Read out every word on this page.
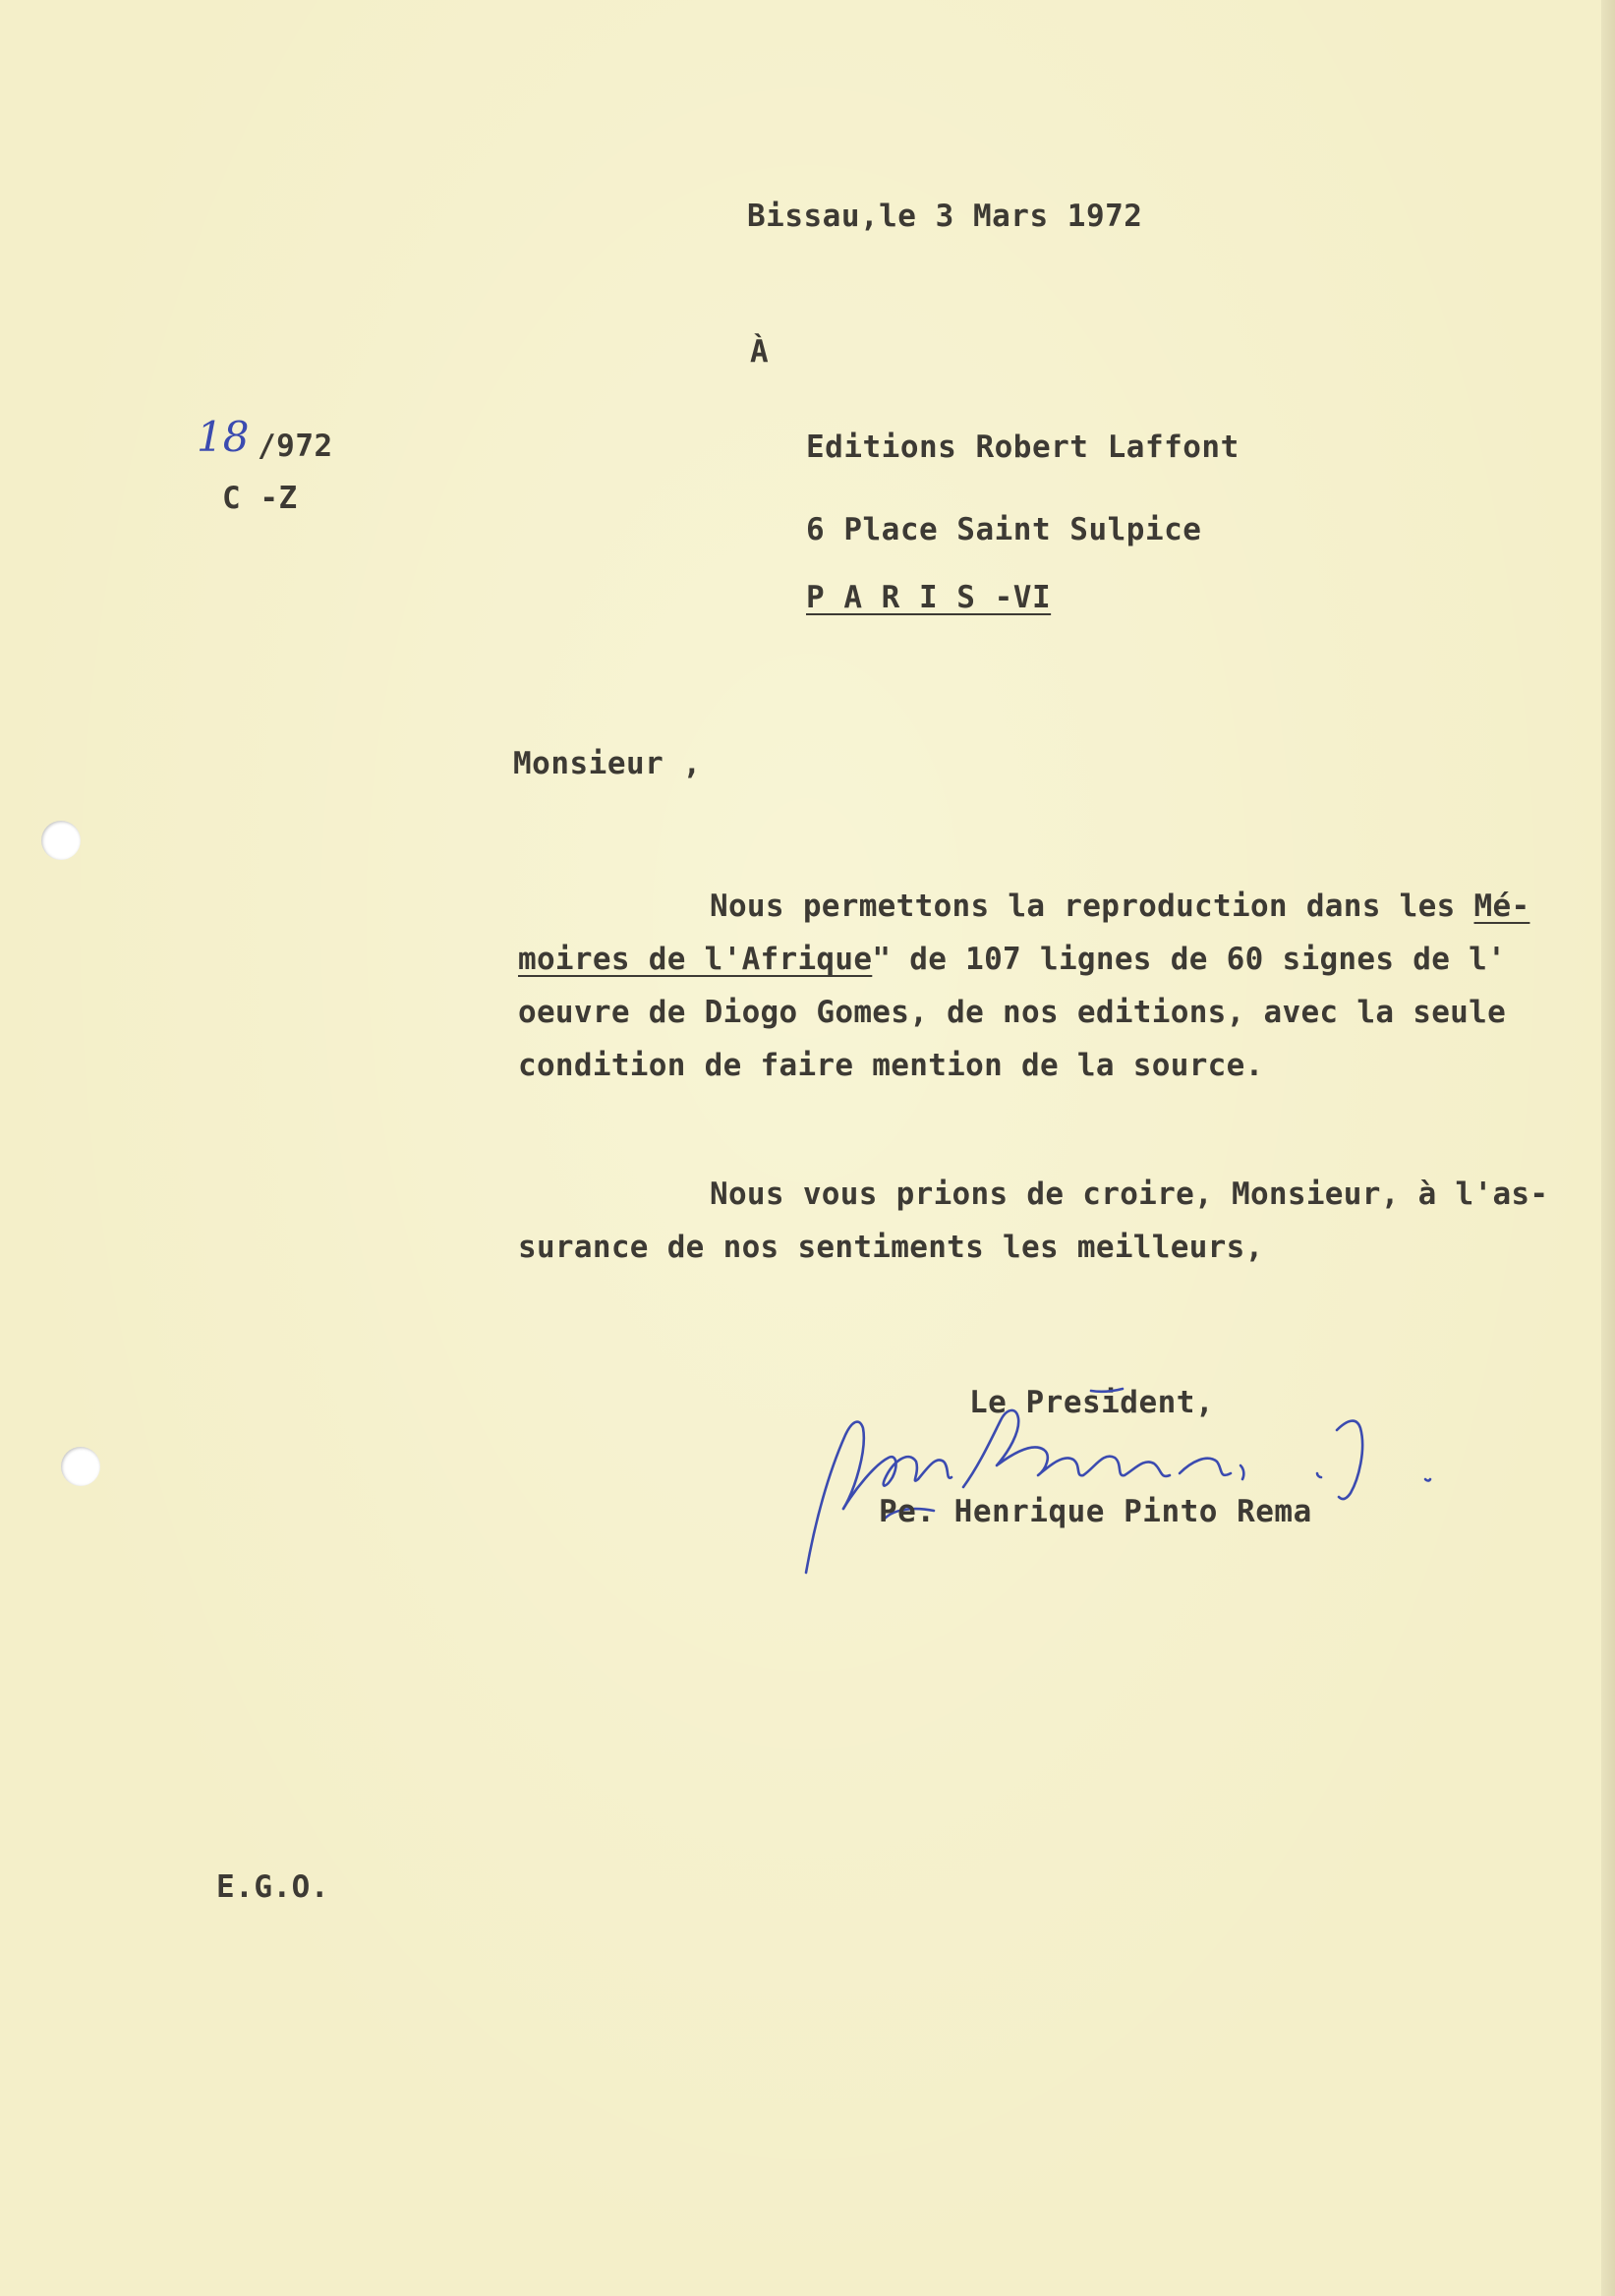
Bissau,le 3 Mars 1972
À
18 /972
C -Z
Editions Robert Laffont
6 Place Saint Sulpice
P A R I S -VI
Monsieur ,
Nous permettons la reproduction dans les Mé-
moires de l'Afrique" de 107 lignes de 60 signes de l'
oeuvre de Diogo Gomes, de nos editions, avec la seule
condition de faire mention de la source.
Nous vous prions de croire, Monsieur, à l'as-
surance de nos sentiments les meilleurs,
Le President,
Pe. Henrique Pinto Rema
E.G.O.
